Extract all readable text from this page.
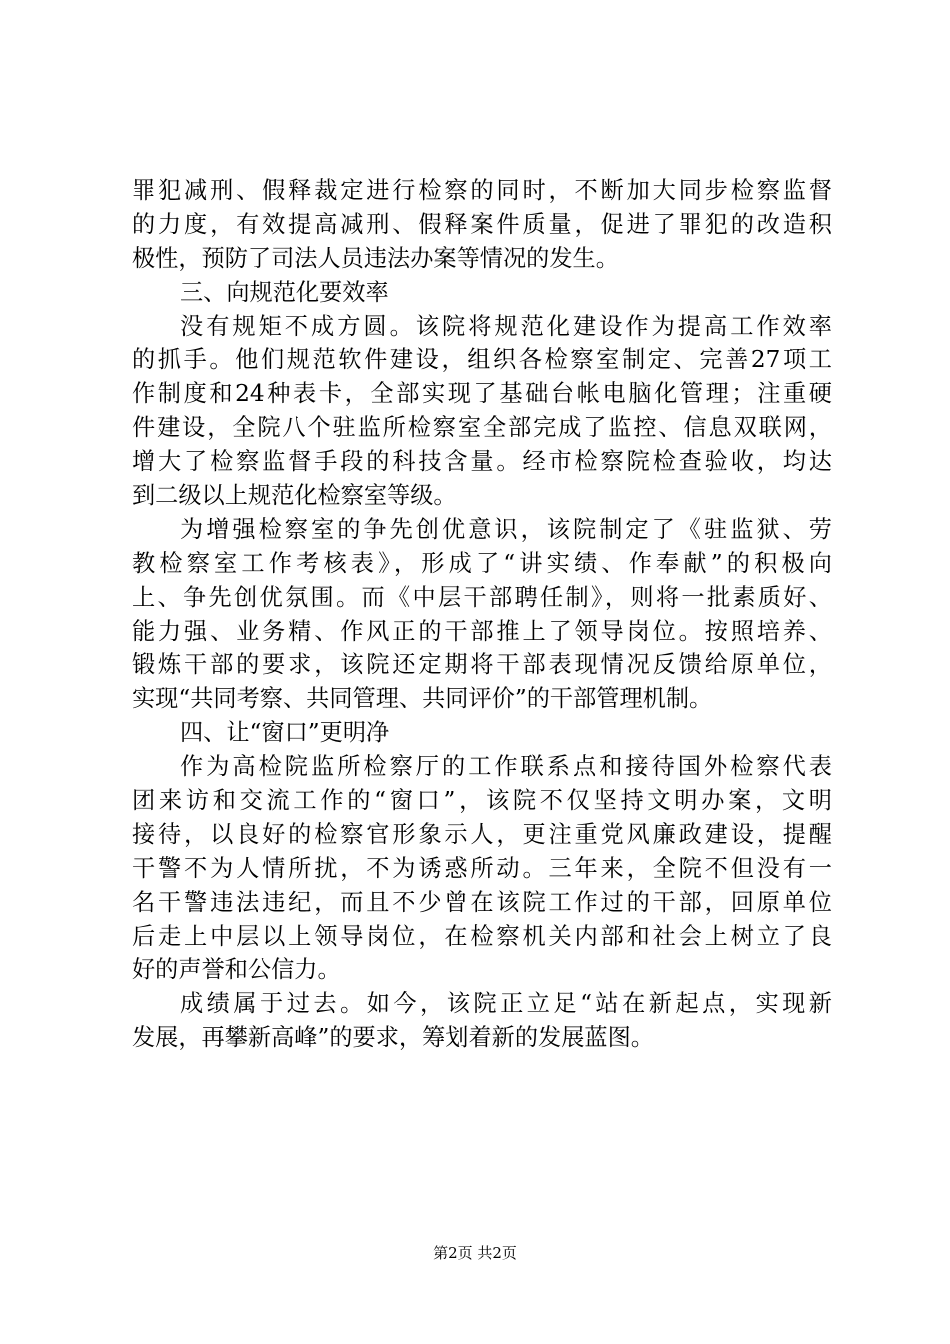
罪犯减刑、假释裁定进行检察的同时，不断加大同步检察监督
的力度，有效提高减刑、假释案件质量，促进了罪犯的改造积
极性，预防了司法人员违法办案等情况的发生。
三、向规范化要效率
没有规矩不成方圆。该院将规范化建设作为提高工作效率
的抓手。他们规范软件建设，组织各检察室制定、完善27项工
作制度和24种表卡，全部实现了基础台帐电脑化管理；注重硬
件建设，全院八个驻监所检察室全部完成了监控、信息双联网，
增大了检察监督手段的科技含量。经市检察院检查验收，均达
到二级以上规范化检察室等级。
为增强检察室的争先创优意识，该院制定了《驻监狱、劳
教检察室工作考核表》，形成了“讲实绩、作奉献”的积极向
上、争先创优氛围。而《中层干部聘任制》，则将一批素质好、
能力强、业务精、作风正的干部推上了领导岗位。按照培养、
锻炼干部的要求，该院还定期将干部表现情况反馈给原单位，
实现“共同考察、共同管理、共同评价”的干部管理机制。
四、让“窗口”更明净
作为高检院监所检察厅的工作联系点和接待国外检察代表
团来访和交流工作的“窗口”，该院不仅坚持文明办案，文明
接待，以良好的检察官形象示人，更注重党风廉政建设，提醒
干警不为人情所扰，不为诱惑所动。三年来，全院不但没有一
名干警违法违纪，而且不少曾在该院工作过的干部，回原单位
后走上中层以上领导岗位，在检察机关内部和社会上树立了良
好的声誉和公信力。
成绩属于过去。如今，该院正立足“站在新起点，实现新
发展，再攀新高峰”的要求，筹划着新的发展蓝图。
第2页 共2页
